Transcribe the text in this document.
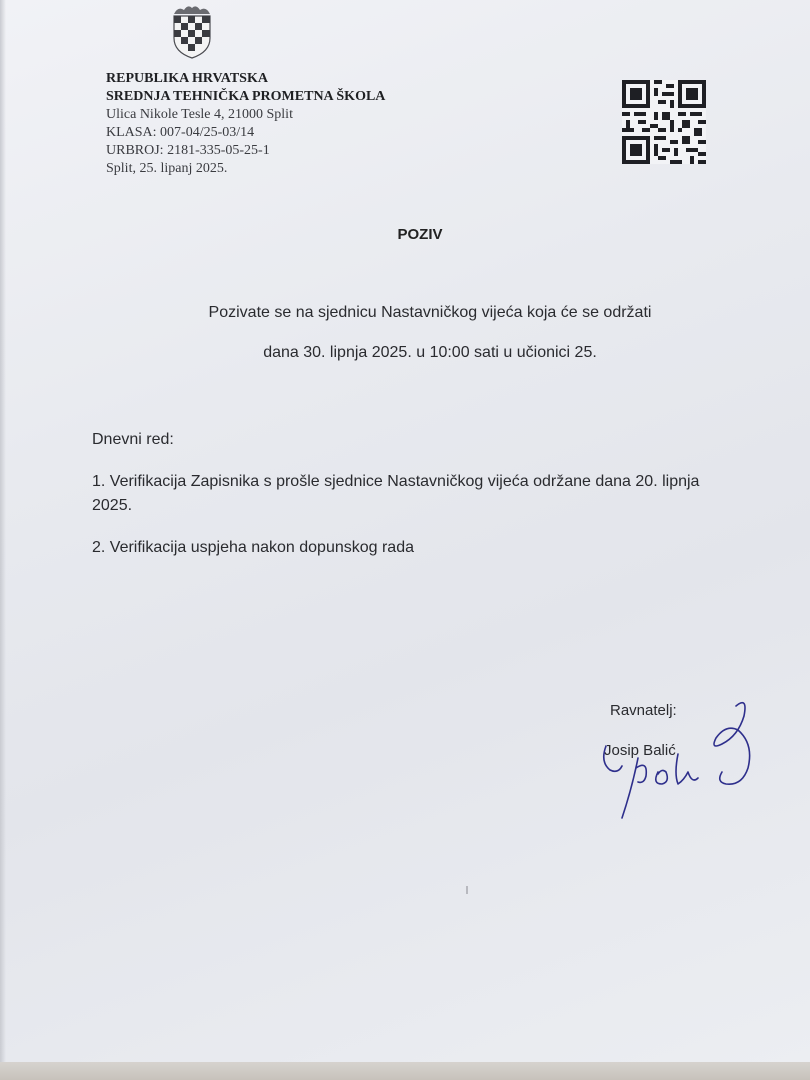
REPUBLIKA HRVATSKA
SREDNJA TEHNIČKA PROMETNA ŠKOLA
Ulica Nikole Tesle 4, 21000 Split
KLASA: 007-04/25-03/14
URBROJ: 2181-335-05-25-1
Split, 25. lipanj 2025.
POZIV
Pozivate se na sjednicu Nastavničkog vijeća koja će se održati
dana 30. lipnja 2025. u 10:00 sati u učionici 25.

Dnevni red:

1. Verifikacija Zapisnika s prošle sjednice Nastavničkog vijeća održane dana 20. lipnja 2025.

2. Verifikacija uspjeha nakon dopunskog rada

Ravnatelj:
Josip Balić
